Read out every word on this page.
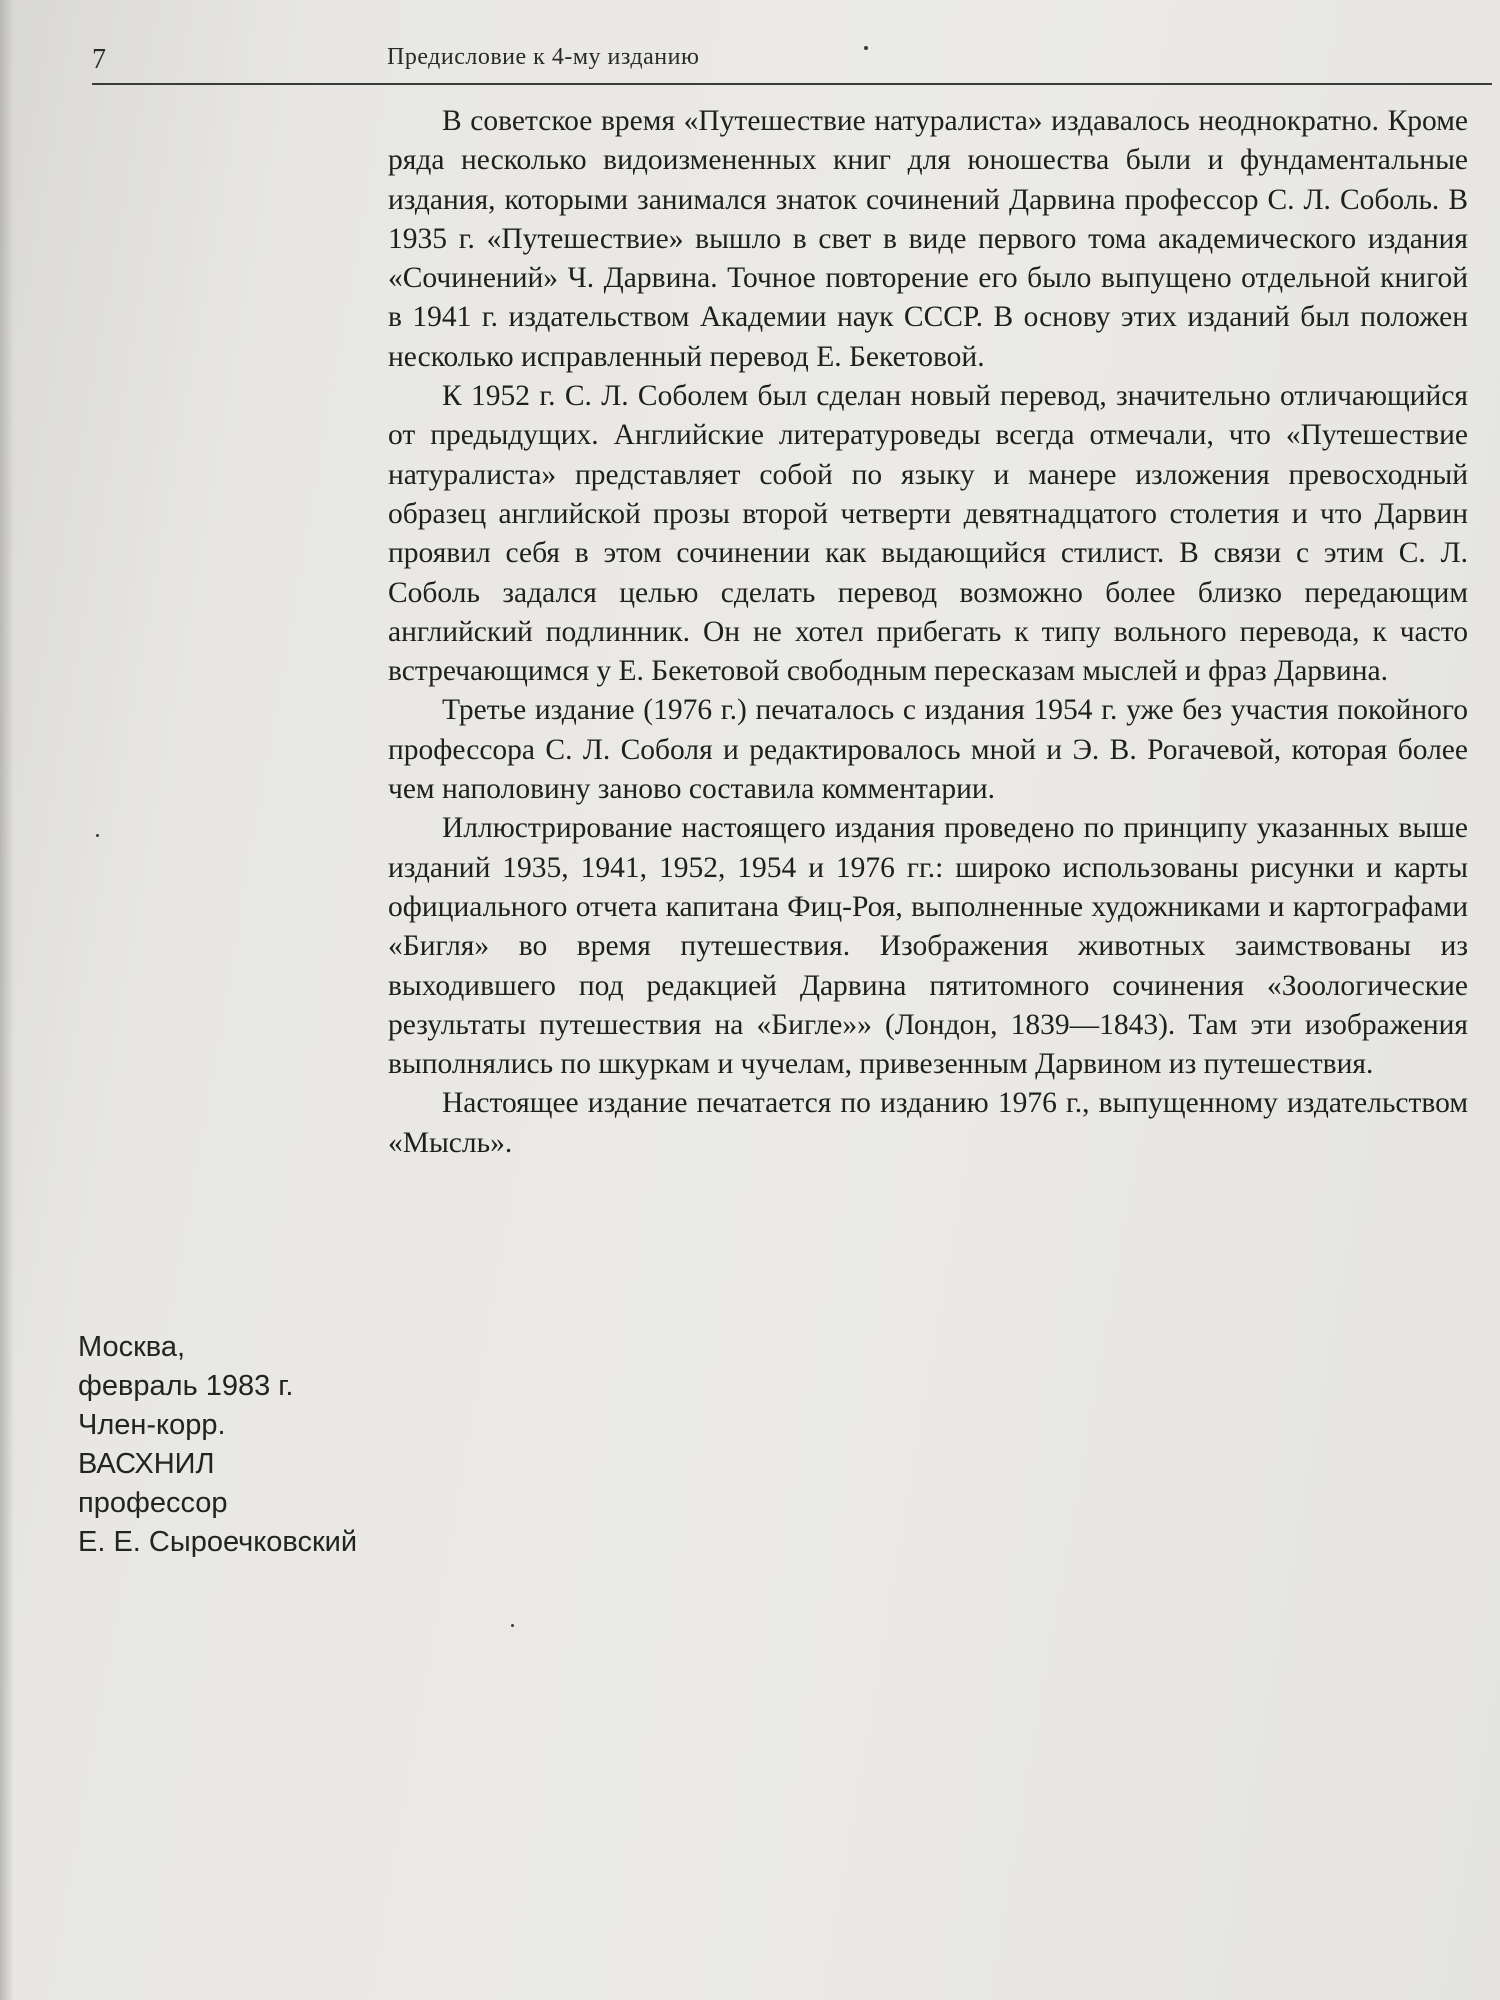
7	Предисловие к 4-му изданию

В советское время «Путешествие натуралиста» издавалось неоднократно. Кроме ряда несколько видоизмененных книг для юношества были и фундаментальные издания, которыми занимался знаток сочинений Дарвина профессор С. Л. Соболь. В 1935 г. «Путешествие» вышло в свет в виде первого тома академического издания «Сочинений» Ч. Дарвина. Точное повторение его было выпущено отдельной книгой в 1941 г. издательством Академии наук СССР. В основу этих изданий был положен несколько исправленный перевод Е. Бекетовой.

К 1952 г. С. Л. Соболем был сделан новый перевод, значительно отличающийся от предыдущих. Английские литературоведы всегда отмечали, что «Путешествие натуралиста» представляет собой по языку и манере изложения превосходный образец английской прозы второй четверти девятнадцатого столетия и что Дарвин проявил себя в этом сочинении как выдающийся стилист. В связи с этим С. Л. Соболь задался целью сделать перевод возможно более близко передающим английский подлинник. Он не хотел прибегать к типу вольного перевода, к часто встречающимся у Е. Бекетовой свободным пересказам мыслей и фраз Дарвина.

Третье издание (1976 г.) печаталось с издания 1954 г. уже без участия покойного профессора С. Л. Соболя и редактировалось мной и Э. В. Рогачевой, которая более чем наполовину заново составила комментарии.

Иллюстрирование настоящего издания проведено по принципу указанных выше изданий 1935, 1941, 1952, 1954 и 1976 гг.: широко использованы рисунки и карты официального отчета капитана Фиц-Роя, выполненные художниками и картографами «Бигля» во время путешествия. Изображения животных заимствованы из выходившего под редакцией Дарвина пятитомного сочинения «Зоологические результаты путешествия на «Бигле»» (Лондон, 1839—1843). Там эти изображения выполнялись по шкуркам и чучелам, привезенным Дарвином из путешествия.

Настоящее издание печатается по изданию 1976 г., выпущенному издательством «Мысль».

Москва,
февраль 1983 г.
Член-корр.
ВАСХНИЛ
профессор
Е. Е. Сыроечковский
